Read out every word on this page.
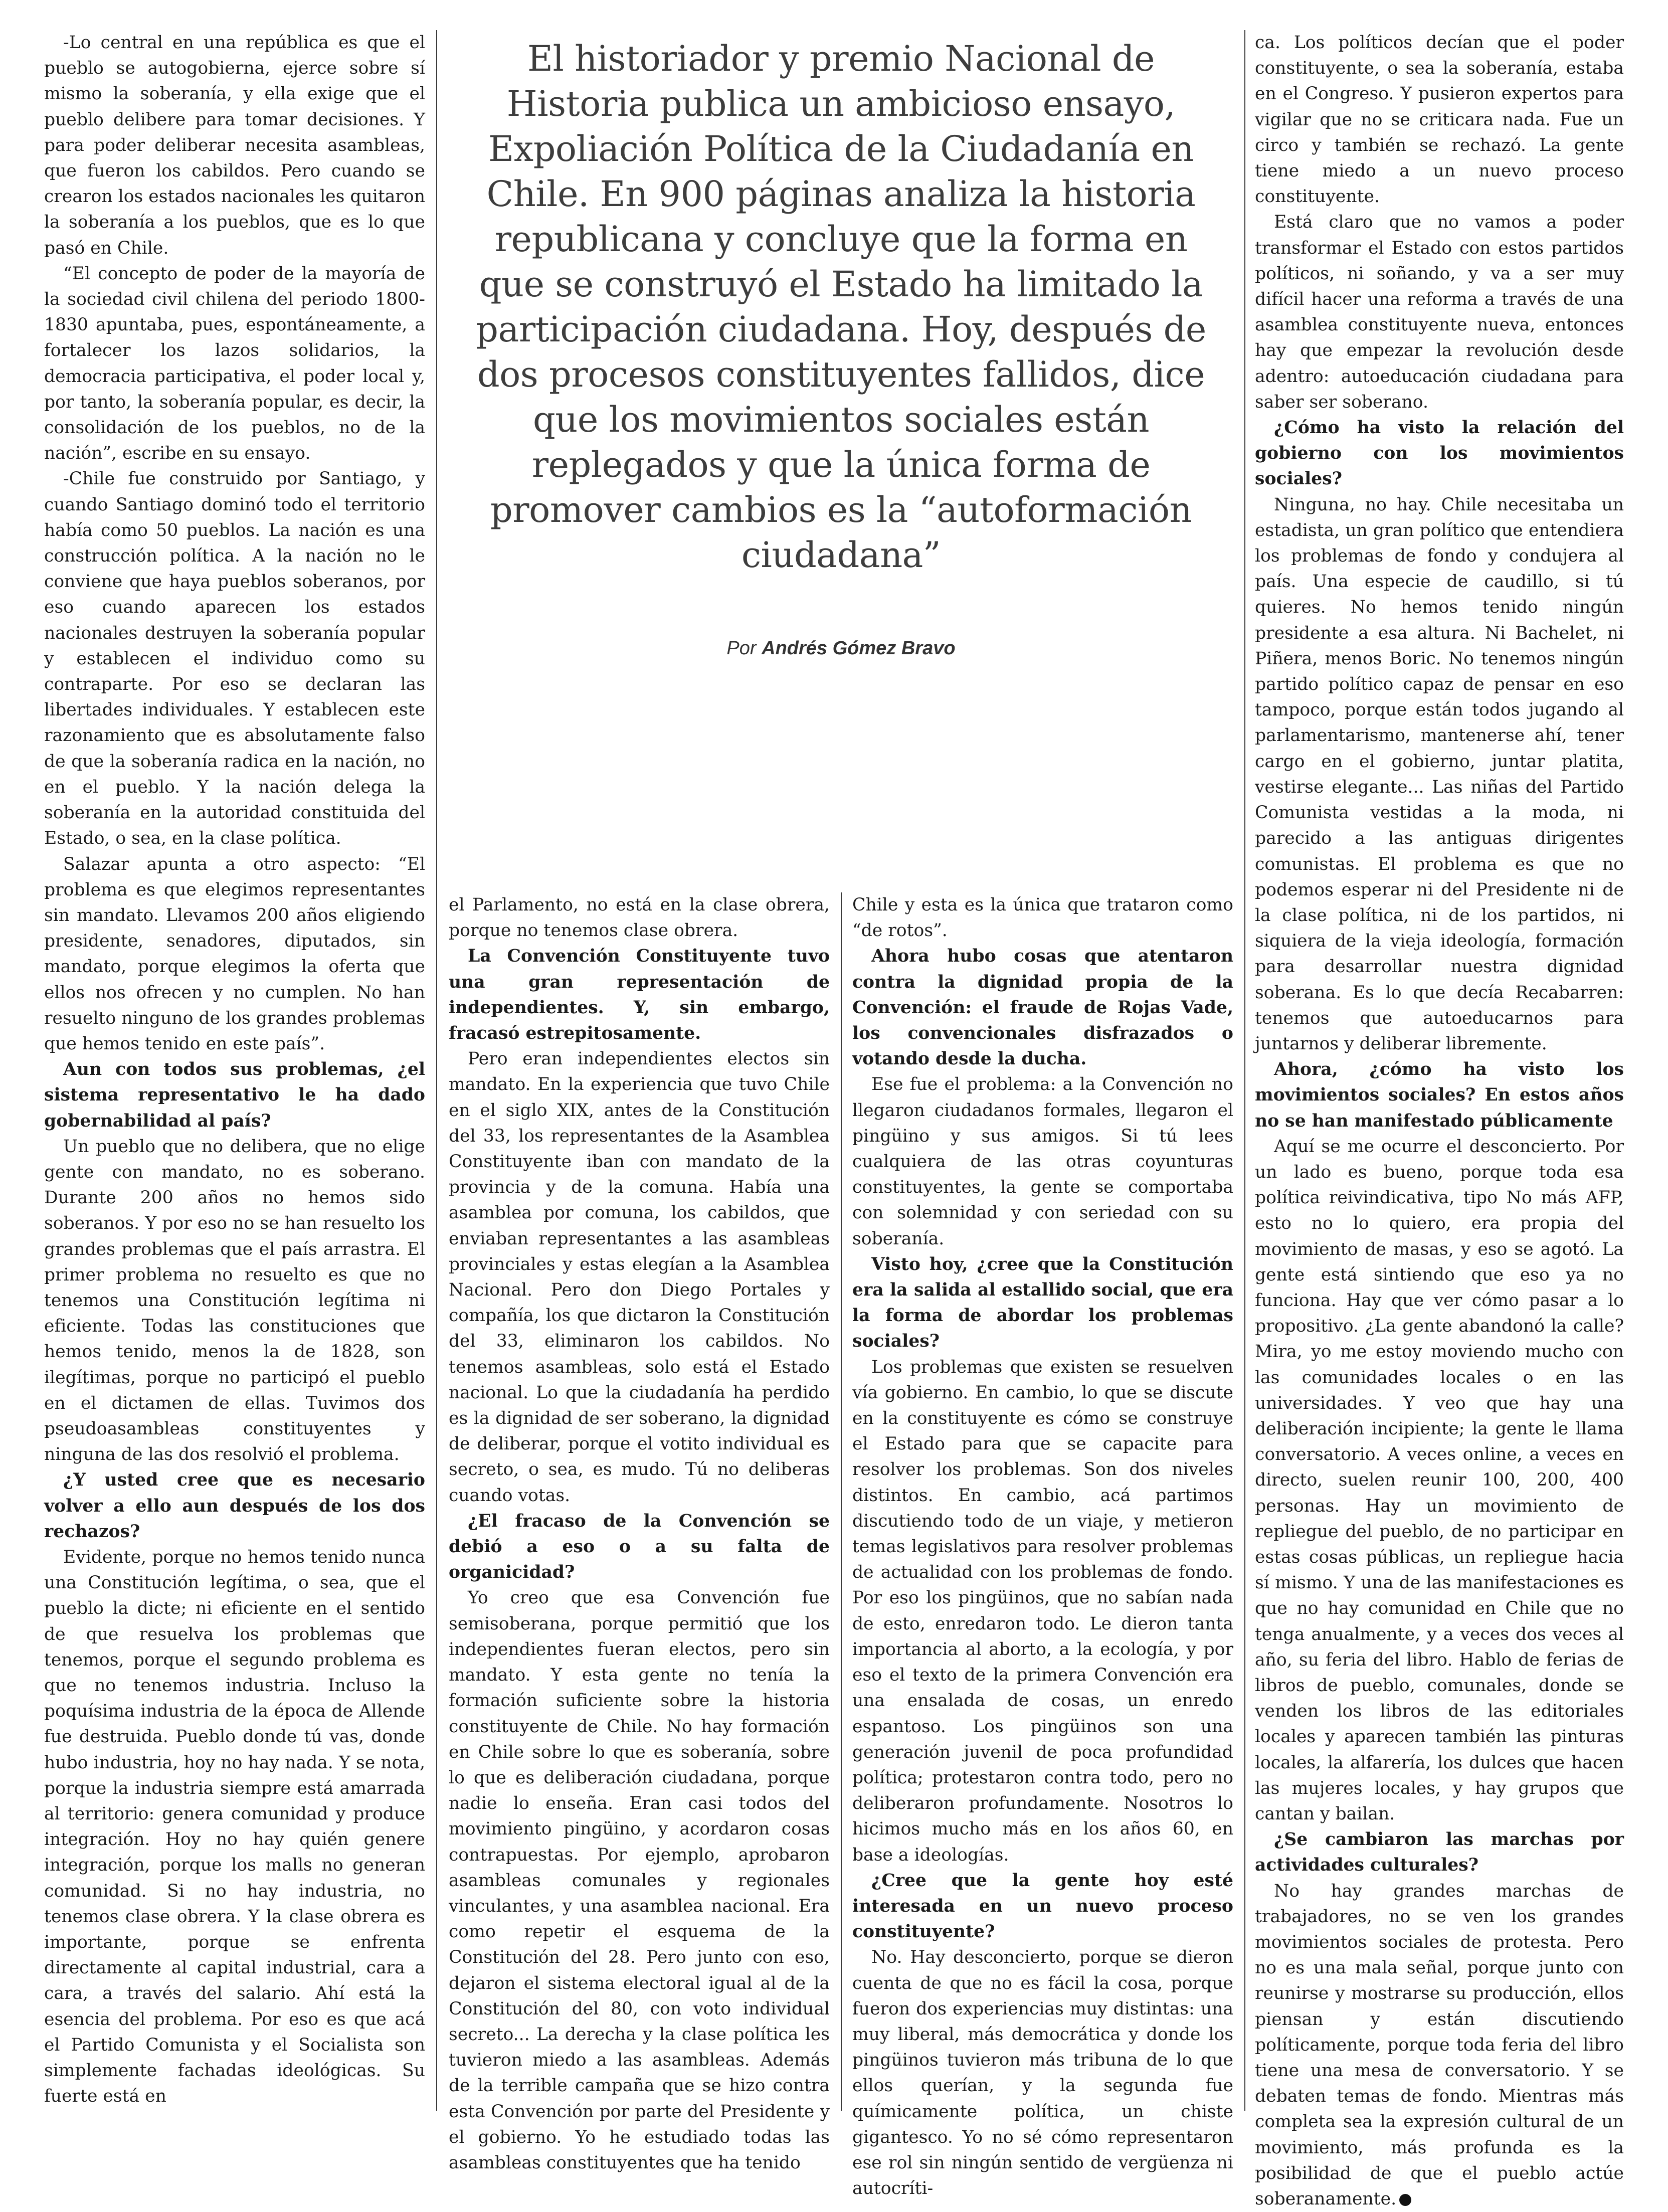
El historiador y premio Nacional de Historia publica un ambicioso ensayo, Expoliación Política de la Ciudadanía en Chile. En 900 páginas analiza la historia republicana y concluye que la forma en que se construyó el Estado ha limitado la participación ciudadana. Hoy, después de dos procesos constituyentes fallidos, dice que los movimientos sociales están replegados y que la única forma de promover cambios es la “autoformación ciudadana”
Por Andrés Gómez Bravo

-Lo central en una república es que el pueblo se autogobierna, ejerce sobre sí mismo la soberanía, y ella exige que el pueblo delibere para tomar decisiones. Y para poder deliberar necesita asambleas, que fueron los cabildos. Pero cuando se crearon los estados nacionales les quitaron la soberanía a los pueblos, que es lo que pasó en Chile.

“El concepto de poder de la mayoría de la sociedad civil chilena del periodo 1800-1830 apuntaba, pues, espontáneamente, a fortalecer los lazos solidarios, la democracia participativa, el poder local y, por tanto, la soberanía popular, es decir, la consolidación de los pueblos, no de la nación”, escribe en su ensayo.

-Chile fue construido por Santiago, y cuando Santiago dominó todo el territorio había como 50 pueblos. La nación es una construcción política. A la nación no le conviene que haya pueblos soberanos, por eso cuando aparecen los estados nacionales destruyen la soberanía popular y establecen el individuo como su contraparte. Por eso se declaran las libertades individuales. Y establecen este razonamiento que es absolutamente falso de que la soberanía radica en la nación, no en el pueblo. Y la nación delega la soberanía en la autoridad constituida del Estado, o sea, en la clase política.

Salazar apunta a otro aspecto: “El problema es que elegimos representantes sin mandato. Llevamos 200 años eligiendo presidente, senadores, diputados, sin mandato, porque elegimos la oferta que ellos nos ofrecen y no cumplen. No han resuelto ninguno de los grandes problemas que hemos tenido en este país”.

Aun con todos sus problemas, ¿el sistema representativo le ha dado gobernabilidad al país?

Un pueblo que no delibera, que no elige gente con mandato, no es soberano. Durante 200 años no hemos sido soberanos. Y por eso no se han resuelto los grandes problemas que el país arrastra. El primer problema no resuelto es que no tenemos una Constitución legítima ni eficiente. Todas las constituciones que hemos tenido, menos la de 1828, son ilegítimas, porque no participó el pueblo en el dictamen de ellas. Tuvimos dos pseudoasambleas constituyentes y ninguna de las dos resolvió el problema.

¿Y usted cree que es necesario volver a ello aun después de los dos rechazos?

Evidente, porque no hemos tenido nunca una Constitución legítima, o sea, que el pueblo la dicte; ni eficiente en el sentido de que resuelva los problemas que tenemos, porque el segundo problema es que no tenemos industria. Incluso la poquísima industria de la época de Allende fue destruida. Pueblo donde tú vas, donde hubo industria, hoy no hay nada. Y se nota, porque la industria siempre está amarrada al territorio: genera comunidad y produce integración. Hoy no hay quién genere integración, porque los malls no generan comunidad. Si no hay industria, no tenemos clase obrera. Y la clase obrera es importante, porque se enfrenta directamente al capital industrial, cara a cara, a través del salario. Ahí está la esencia del problema. Por eso es que acá el Partido Comunista y el Socialista son simplemente fachadas ideológicas. Su fuerte está en

el Parlamento, no está en la clase obrera, porque no tenemos clase obrera.

La Convención Constituyente tuvo una gran representación de independientes. Y, sin embargo, fracasó estrepitosamente.

Pero eran independientes electos sin mandato. En la experiencia que tuvo Chile en el siglo XIX, antes de la Constitución del 33, los representantes de la Asamblea Constituyente iban con mandato de la provincia y de la comuna. Había una asamblea por comuna, los cabildos, que enviaban representantes a las asambleas provinciales y estas elegían a la Asamblea Nacional. Pero don Diego Portales y compañía, los que dictaron la Constitución del 33, eliminaron los cabildos. No tenemos asambleas, solo está el Estado nacional. Lo que la ciudadanía ha perdido es la dignidad de ser soberano, la dignidad de deliberar, porque el votito individual es secreto, o sea, es mudo. Tú no deliberas cuando votas.

¿El fracaso de la Convención se debió a eso o a su falta de organicidad?

Yo creo que esa Convención fue semisoberana, porque permitió que los independientes fueran electos, pero sin mandato. Y esta gente no tenía la formación suficiente sobre la historia constituyente de Chile. No hay formación en Chile sobre lo que es soberanía, sobre lo que es deliberación ciudadana, porque nadie lo enseña. Eran casi todos del movimiento pingüino, y acordaron cosas contrapuestas. Por ejemplo, aprobaron asambleas comunales y regionales vinculantes, y una asamblea nacional. Era como repetir el esquema de la Constitución del 28. Pero junto con eso, dejaron el sistema electoral igual al de la Constitución del 80, con voto individual secreto... La derecha y la clase política les tuvieron miedo a las asambleas. Además de la terrible campaña que se hizo contra esta Convención por parte del Presidente y el gobierno. Yo he estudiado todas las asambleas constituyentes que ha tenido

Chile y esta es la única que trataron como “de rotos”.

Ahora hubo cosas que atentaron contra la dignidad propia de la Convención: el fraude de Rojas Vade, los convencionales disfrazados o votando desde la ducha.

Ese fue el problema: a la Convención no llegaron ciudadanos formales, llegaron el pingüino y sus amigos. Si tú lees cualquiera de las otras coyunturas constituyentes, la gente se comportaba con solemnidad y con seriedad con su soberanía.

Visto hoy, ¿cree que la Constitución era la salida al estallido social, que era la forma de abordar los problemas sociales?

Los problemas que existen se resuelven vía gobierno. En cambio, lo que se discute en la constituyente es cómo se construye el Estado para que se capacite para resolver los problemas. Son dos niveles distintos. En cambio, acá partimos discutiendo todo de un viaje, y metieron temas legislativos para resolver problemas de actualidad con los problemas de fondo. Por eso los pingüinos, que no sabían nada de esto, enredaron todo. Le dieron tanta importancia al aborto, a la ecología, y por eso el texto de la primera Convención era una ensalada de cosas, un enredo espantoso. Los pingüinos son una generación juvenil de poca profundidad política; protestaron contra todo, pero no deliberaron profundamente. Nosotros lo hicimos mucho más en los años 60, en base a ideologías.

¿Cree que la gente hoy esté interesada en un nuevo proceso constituyente?

No. Hay desconcierto, porque se dieron cuenta de que no es fácil la cosa, porque fueron dos experiencias muy distintas: una muy liberal, más democrática y donde los pingüinos tuvieron más tribuna de lo que ellos querían, y la segunda fue químicamente política, un chiste gigantesco. Yo no sé cómo representaron ese rol sin ningún sentido de vergüenza ni autocríti-

ca. Los políticos decían que el poder constituyente, o sea la soberanía, estaba en el Congreso. Y pusieron expertos para vigilar que no se criticara nada. Fue un circo y también se rechazó. La gente tiene miedo a un nuevo proceso constituyente.

Está claro que no vamos a poder transformar el Estado con estos partidos políticos, ni soñando, y va a ser muy difícil hacer una reforma a través de una asamblea constituyente nueva, entonces hay que empezar la revolución desde adentro: autoeducación ciudadana para saber ser soberano.

¿Cómo ha visto la relación del gobierno con los movimientos sociales?

Ninguna, no hay. Chile necesitaba un estadista, un gran político que entendiera los problemas de fondo y condujera al país. Una especie de caudillo, si tú quieres. No hemos tenido ningún presidente a esa altura. Ni Bachelet, ni Piñera, menos Boric. No tenemos ningún partido político capaz de pensar en eso tampoco, porque están todos jugando al parlamentarismo, mantenerse ahí, tener cargo en el gobierno, juntar platita, vestirse elegante... Las niñas del Partido Comunista vestidas a la moda, ni parecido a las antiguas dirigentes comunistas. El problema es que no podemos esperar ni del Presidente ni de la clase política, ni de los partidos, ni siquiera de la vieja ideología, formación para desarrollar nuestra dignidad soberana. Es lo que decía Recabarren: tenemos que autoeducarnos para juntarnos y deliberar libremente.

Ahora, ¿cómo ha visto los movimientos sociales? En estos años no se han manifestado públicamente

Aquí se me ocurre el desconcierto. Por un lado es bueno, porque toda esa política reivindicativa, tipo No más AFP, esto no lo quiero, era propia del movimiento de masas, y eso se agotó. La gente está sintiendo que eso ya no funciona. Hay que ver cómo pasar a lo propositivo. ¿La gente abandonó la calle? Mira, yo me estoy moviendo mucho con las comunidades locales o en las universidades. Y veo que hay una deliberación incipiente; la gente le llama conversatorio. A veces online, a veces en directo, suelen reunir 100, 200, 400 personas. Hay un movimiento de repliegue del pueblo, de no participar en estas cosas públicas, un repliegue hacia sí mismo. Y una de las manifestaciones es que no hay comunidad en Chile que no tenga anualmente, y a veces dos veces al año, su feria del libro. Hablo de ferias de libros de pueblo, comunales, donde se venden los libros de las editoriales locales y aparecen también las pinturas locales, la alfarería, los dulces que hacen las mujeres locales, y hay grupos que cantan y bailan.

¿Se cambiaron las marchas por actividades culturales?

No hay grandes marchas de trabajadores, no se ven los grandes movimientos sociales de protesta. Pero no es una mala señal, porque junto con reunirse y mostrarse su producción, ellos piensan y están discutiendo políticamente, porque toda feria del libro tiene una mesa de conversatorio. Y se debaten temas de fondo. Mientras más completa sea la expresión cultural de un movimiento, más profunda es la posibilidad de que el pueblo actúe soberanamente.
